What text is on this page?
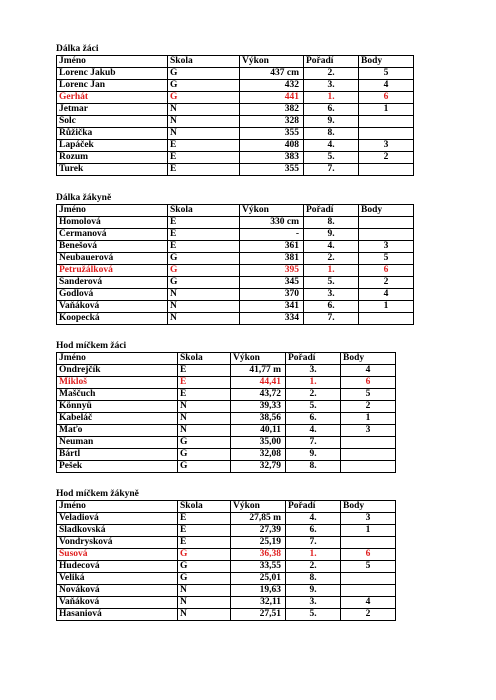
Dálka žáci
Jméno	Škola	Výkon	Pořadí	Body
Lorenc Jakub	G	437 cm	2.	5
Lorenc Jan	G	432	3.	4
Gerhát	G	441	1.	6
Jetmar	N	382	6.	1
Šolc	N	328	9.	
Růžička	N	355	8.	
Lapáček	E	408	4.	3
Rozum	E	383	5.	2
Turek	E	355	7.	
Dálka žákyně
Jméno	Škola	Výkon	Pořadí	Body
Homolová	E	330 cm	8.	
Cermanová	E	-	9.	
Benešová	E	361	4.	3
Neubauerová	G	381	2.	5
Petružálková	G	395	1.	6
Šanderová	G	345	5.	2
Godlová	N	370	3.	4
Vaňáková	N	341	6.	1
Koopecká	N	334	7.	
Hod míčkem žáci
Jméno	Škola	Výkon	Pořadí	Body
Ondrejčík	E	41,77 m	3.	4
Mikloš	E	44,41	1.	6
Maščuch	E	43,72	2.	5
Könnyü	N	39,33	5.	2
Kabeláč	N	38,56	6.	1
Maťo	N	40,11	4.	3
Neuman	G	35,00	7.	
Bártl	G	32,08	9.	
Pešek	G	32,79	8.	
Hod míčkem žákyně
Jméno	Škola	Výkon	Pořadí	Body
Veladiová	E	27,85 m	4.	3
Sladkovská	E	27,39	6.	1
Vondrysková	E	25,19	7.	
Susová	G	36,38	1.	6
Hudecová	G	33,55	2.	5
Veliká	G	25,01	8.	
Nováková	N	19,63	9.	
Vaňáková	N	32,11	3.	4
Hasaniová	N	27,51	5.	2
